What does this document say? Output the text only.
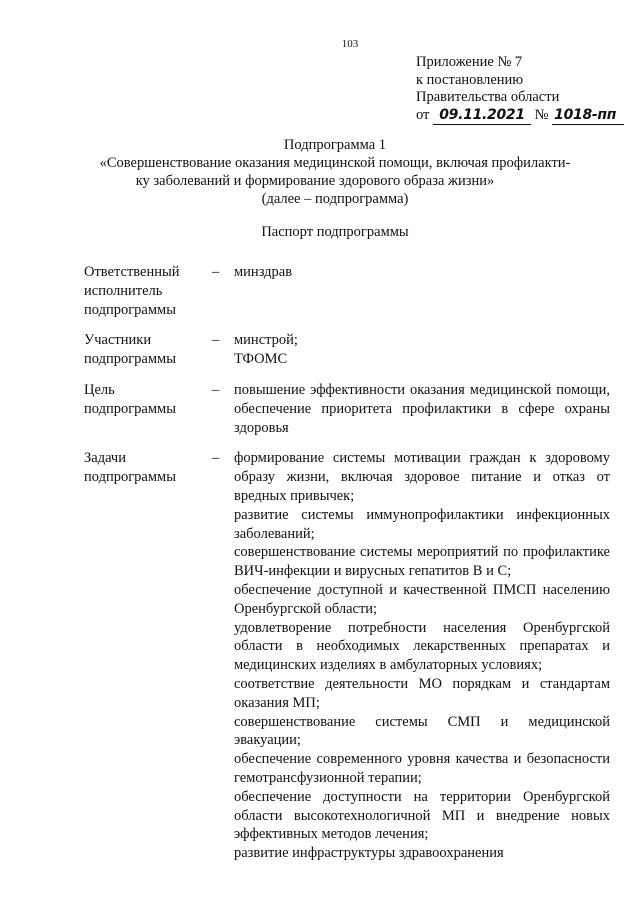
103
Приложение № 7
к постановлению
Правительства области
от 09.11.2021 № 1018-пп
Подпрограмма 1
«Совершенствование оказания медицинской помощи, включая профилакти-
ку заболеваний и формирование здорового образа жизни»
(далее – подпрограмма)
Паспорт подпрограммы
Ответственный
исполнитель
подпрограммы
–	минздрав
Участники
подпрограммы
–	минстрой;
ТФОМС
Цель
подпрограммы
–	повышение эффективности оказания медицинской помощи, обеспечение приоритета профилактики в сфере охраны здоровья
Задачи
подпрограммы
–	формирование системы мотивации граждан к здоровому образу жизни, включая здоровое питание и отказ от вредных привычек;
развитие системы иммунопрофилактики инфекционных заболеваний;
совершенствование системы мероприятий по профилактике ВИЧ-инфекции и вирусных гепатитов В и С;
обеспечение доступной и качественной ПМСП населению Оренбургской области;
удовлетворение потребности населения Оренбургской области в необходимых лекарственных препаратах и медицинских изделиях в амбулаторных условиях;
соответствие деятельности МО порядкам и стандартам оказания МП;
совершенствование системы СМП и медицинской эвакуации;
обеспечение современного уровня качества и безопасности гемотрансфузионной терапии;
обеспечение доступности на территории Оренбургской области высокотехнологичной МП и внедрение новых эффективных методов лечения;
развитие инфраструктуры здравоохранения
